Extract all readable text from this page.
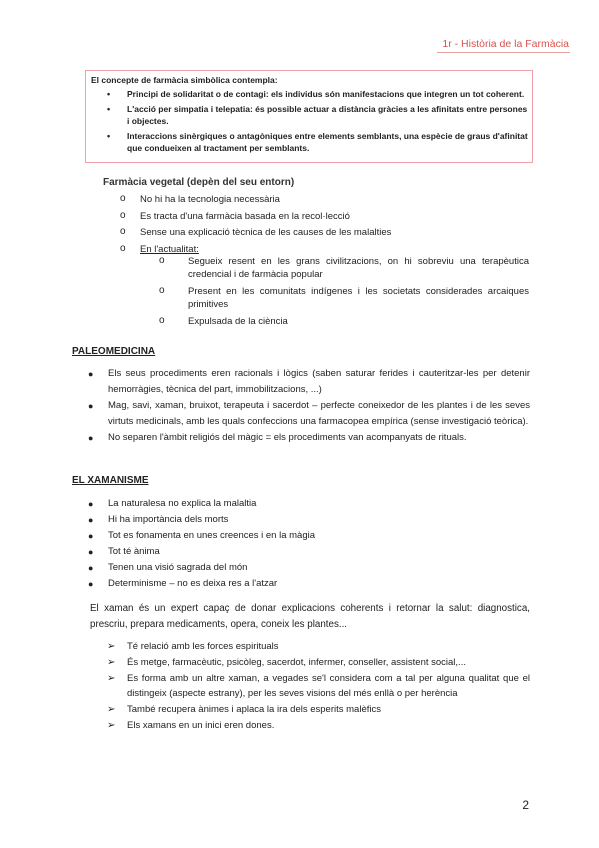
1r - Història de la Farmàcia
El concepte de farmàcia simbòlica contempla:
• Principi de solidaritat o de contagi: els individus són manifestacions que integren un tot coherent.
• L'acció per simpatia i telepatia: és possible actuar a distància gràcies a les afinitats entre persones i objectes.
• Interaccions sinèrgiques o antagòniques entre elements semblants, una espècie de graus d'afinitat que condueixen al tractament per semblants.
Farmàcia vegetal (depèn del seu entorn)
o No hi ha la tecnologia necessària
o Es tracta d'una farmàcia basada en la recol·lecció
o Sense una explicació tècnica de les causes de les malalties
o En l'actualitat:
o Segueix resent en les grans civilitzacions, on hi sobreviu una terapèutica credencial i de farmàcia popular
o Present en les comunitats indígenes i les societats considerades arcaiques primitives
o Expulsada de la ciència
PALEOMEDICINA
● Els seus procediments eren racionals i lògics (saben saturar ferides i cauteritzar-les per detenir hemorràgies, tècnica del part, immobilitzacions, ...)
● Mag, savi, xaman, bruixot, terapeuta i sacerdot – perfecte coneixedor de les plantes i de les seves virtuts medicinals, amb les quals confeccions una farmacopea empírica (sense investigació teòrica).
● No separen l'àmbit religiós del màgic = els procediments van acompanyats de rituals.
EL XAMANISME
● La naturalesa no explica la malaltia
● Hi ha importància dels morts
● Tot es fonamenta en unes creences i en la màgia
● Tot té ànima
● Tenen una visió sagrada del món
● Determinisme – no es deixa res a l'atzar
El xaman és un expert capaç de donar explicacions coherents i retornar la salut: diagnostica, prescriu, prepara medicaments, opera, coneix les plantes...
➢ Té relació amb les forces espirituals
➢ És metge, farmacèutic, psicòleg, sacerdot, infermer, conseller, assistent social,...
➢ Es forma amb un altre xaman, a vegades se'l considera com a tal per alguna qualitat que el distingeix (aspecte estrany), per les seves visions del més enllà o per herència
➢ També recupera ànimes i aplaca la ira dels esperits malèfics
➢ Els xamans en un inici eren dones.
2
